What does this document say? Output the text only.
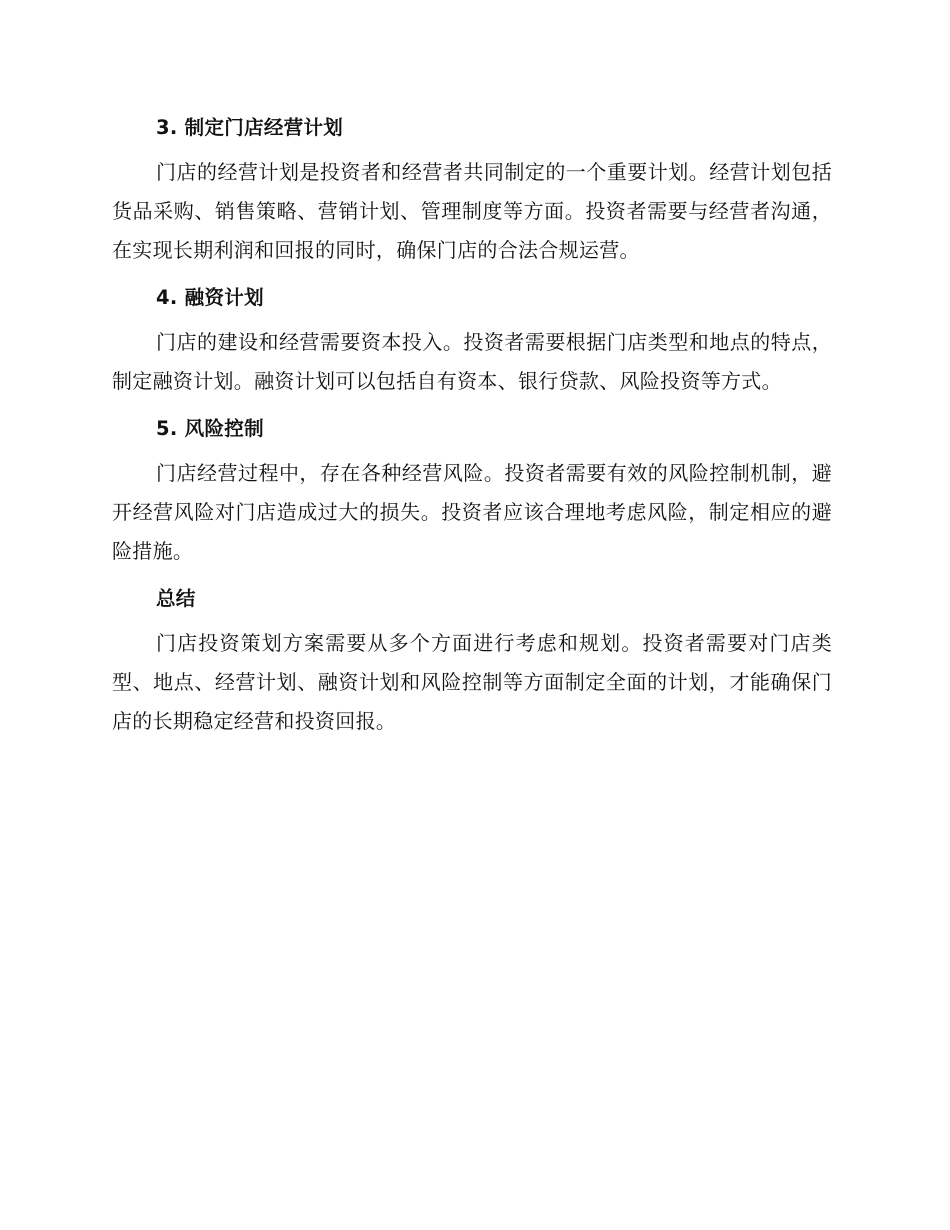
3. 制定门店经营计划

门店的经营计划是投资者和经营者共同制定的一个重要计划。经营计划包括货品采购、销售策略、营销计划、管理制度等方面。投资者需要与经营者沟通，在实现长期利润和回报的同时，确保门店的合法合规运营。

4. 融资计划

门店的建设和经营需要资本投入。投资者需要根据门店类型和地点的特点，制定融资计划。融资计划可以包括自有资本、银行贷款、风险投资等方式。

5. 风险控制

门店经营过程中，存在各种经营风险。投资者需要有效的风险控制机制，避开经营风险对门店造成过大的损失。投资者应该合理地考虑风险，制定相应的避险措施。

总结

门店投资策划方案需要从多个方面进行考虑和规划。投资者需要对门店类型、地点、经营计划、融资计划和风险控制等方面制定全面的计划，才能确保门店的长期稳定经营和投资回报。
